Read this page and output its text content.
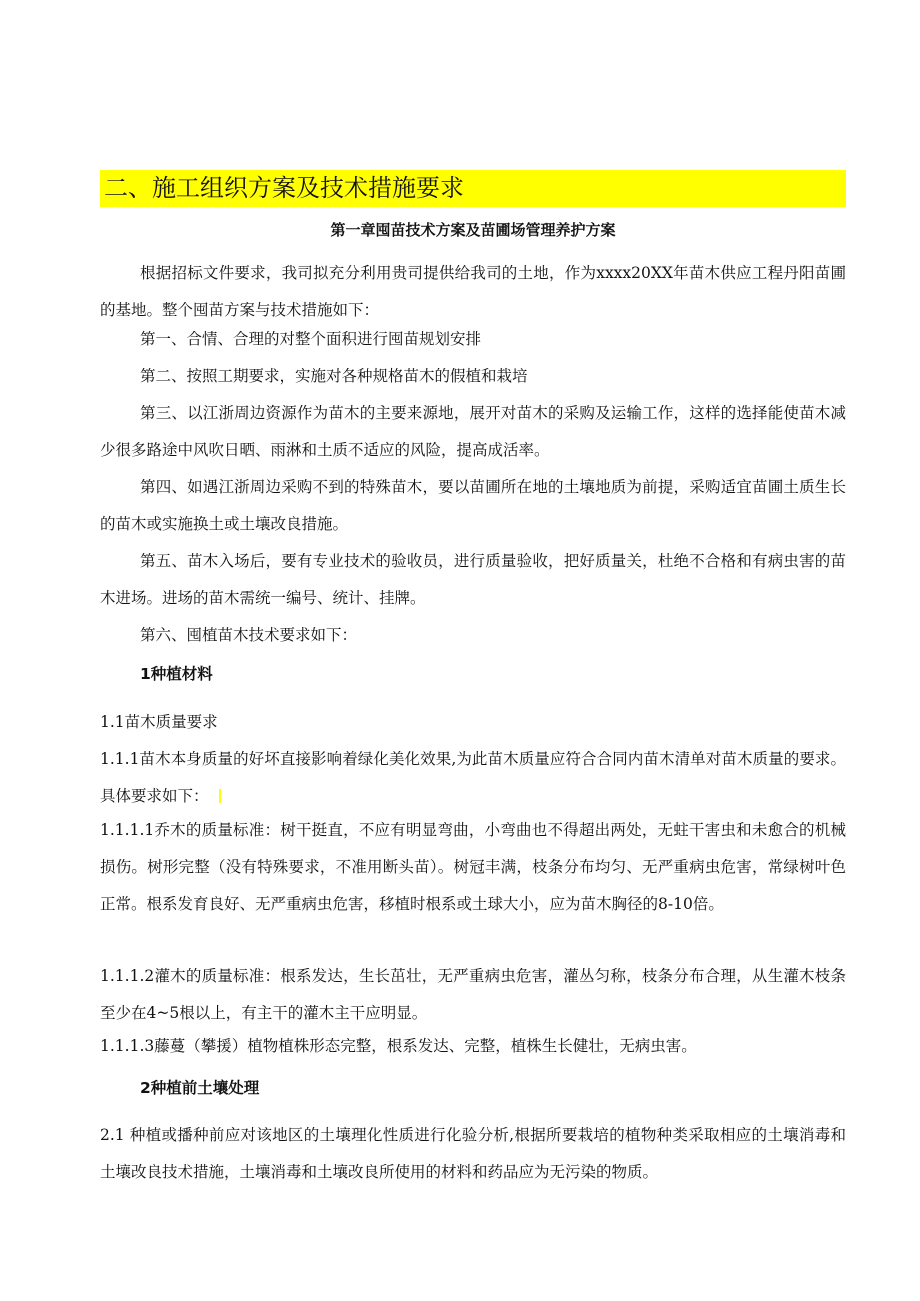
二、施工组织方案及技术措施要求
第一章囤苗技术方案及苗圃场管理养护方案

根据招标文件要求，我司拟充分利用贵司提供给我司的土地，作为xxxx20XX年苗木供应工程丹阳苗圃的基地。整个囤苗方案与技术措施如下：

第一、合情、合理的对整个面积进行囤苗规划安排

第二、按照工期要求，实施对各种规格苗木的假植和栽培

第三、以江浙周边资源作为苗木的主要来源地，展开对苗木的采购及运输工作，这样的选择能使苗木减少很多路途中风吹日晒、雨淋和土质不适应的风险，提高成活率。

第四、如遇江浙周边采购不到的特殊苗木，要以苗圃所在地的土壤地质为前提，采购适宜苗圃土质生长的苗木或实施换土或土壤改良措施。

第五、苗木入场后，要有专业技术的验收员，进行质量验收，把好质量关，杜绝不合格和有病虫害的苗木进场。进场的苗木需统一编号、统计、挂牌。

第六、囤植苗木技术要求如下：

1种植材料

1.1苗木质量要求

1.1.1苗木本身质量的好坏直接影响着绿化美化效果,为此苗木质量应符合合同内苗木清单对苗木质量的要求。具体要求如下：

1.1.1.1乔木的质量标准：树干挺直，不应有明显弯曲，小弯曲也不得超出两处，无蛀干害虫和未愈合的机械损伤。树形完整（没有特殊要求，不准用断头苗）。树冠丰满，枝条分布均匀、无严重病虫危害，常绿树叶色正常。根系发育良好、无严重病虫危害，移植时根系或土球大小，应为苗木胸径的8-10倍。

1.1.1.2灌木的质量标准：根系发达，生长茁壮，无严重病虫危害，灌丛匀称，枝条分布合理，从生灌木枝条至少在4~5根以上，有主干的灌木主干应明显。

1.1.1.3藤蔓（攀援）植物植株形态完整，根系发达、完整，植株生长健壮，无病虫害。

2种植前土壤处理

2.1 种植或播种前应对该地区的土壤理化性质进行化验分析,根据所要栽培的植物种类采取相应的土壤消毒和土壤改良技术措施，土壤消毒和土壤改良所使用的材料和药品应为无污染的物质。
